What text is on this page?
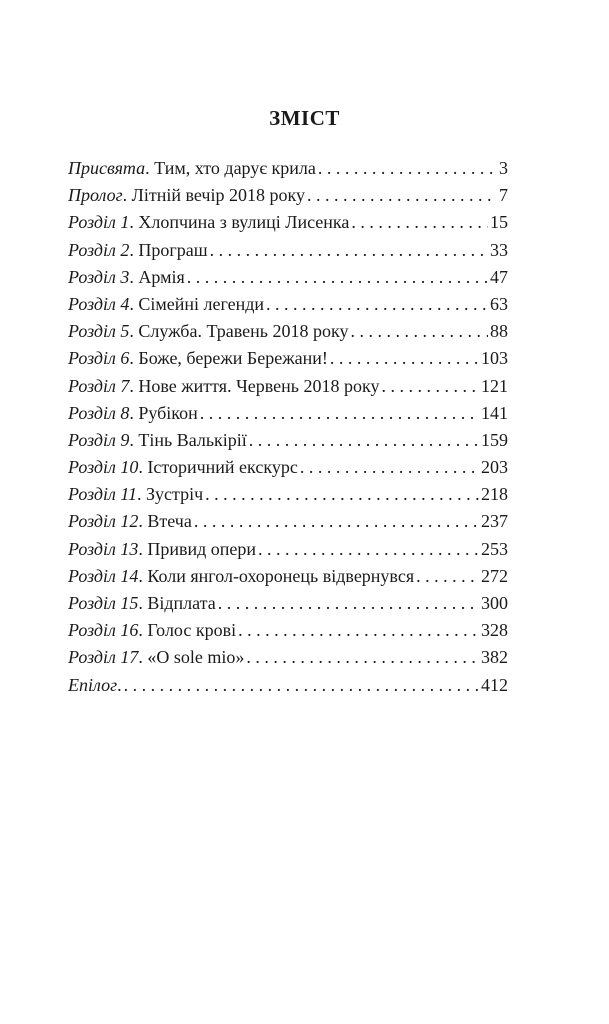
ЗМІСТ
Присвята. Тим, хто дарує крила . . .	3
Пролог. Літній вечір 2018 року . . .	7
Розділ 1. Хлопчина з вулиці Лисенка . . .	15
Розділ 2. Програш . . .	33
Розділ 3. Армія . . .	47
Розділ 4. Сімейні легенди . . .	63
Розділ 5. Служба. Травень 2018 року . . .	88
Розділ 6. Боже, бережи Бережани! . . .	103
Розділ 7. Нове життя. Червень 2018 року . . .	121
Розділ 8. Рубікон . . .	141
Розділ 9. Тінь Валькірії . . .	159
Розділ 10. Історичний екскурс . . .	203
Розділ 11. Зустріч . . .	218
Розділ 12. Втеча . . .	237
Розділ 13. Привид опери . . .	253
Розділ 14. Коли янгол-охоронець відвернувся . . .	272
Розділ 15. Відплата . . .	300
Розділ 16. Голос крові . . .	328
Розділ 17. «O sole mio» . . .	382
Епілог. . . .	412
